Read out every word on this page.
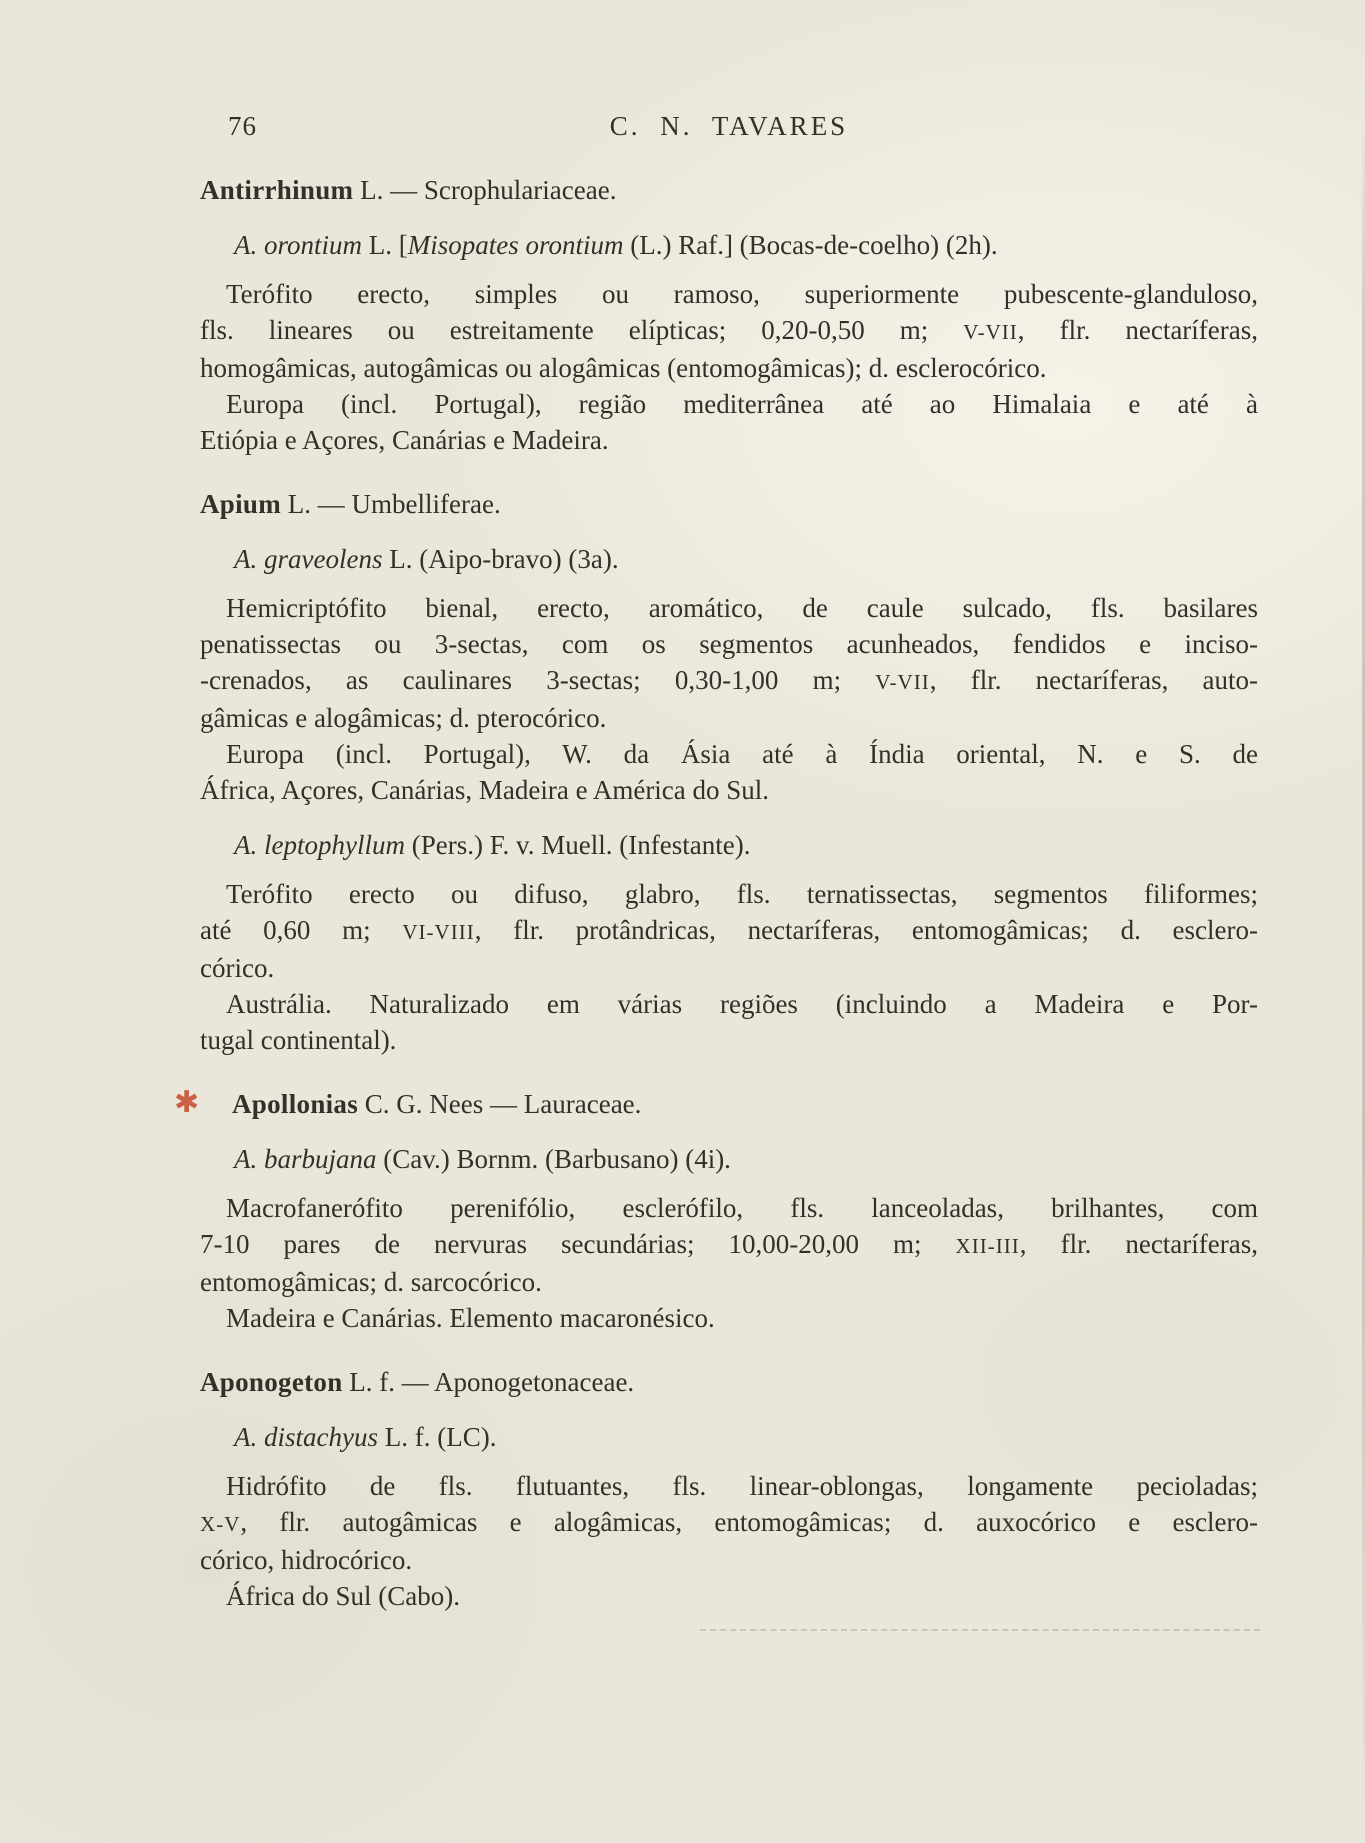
76	C. N. TAVARES
Antirrhinum L. — Scrophulariaceae.
A. orontium L. [Misopates orontium (L.) Raf.] (Bocas-de-coelho) (2h).
Terófito erecto, simples ou ramoso, superiormente pubescente-glanduloso,
fls. lineares ou estreitamente elípticas; 0,20-0,50 m; V-VII, flr. nectaríferas,
homogâmicas, autogâmicas ou alogâmicas (entomogâmicas); d. esclerocórico.
Europa (incl. Portugal), região mediterrânea até ao Himalaia e até à
Etiópia e Açores, Canárias e Madeira.
Apium L. — Umbelliferae.
A. graveolens L. (Aipo-bravo) (3a).
Hemicriptófito bienal, erecto, aromático, de caule sulcado, fls. basilares
penatissectas ou 3-sectas, com os segmentos acunheados, fendidos e inciso-
-crenados, as caulinares 3-sectas; 0,30-1,00 m; V-VII, flr. nectaríferas, auto-
gâmicas e alogâmicas; d. pterocórico.
Europa (incl. Portugal), W. da Ásia até à Índia oriental, N. e S. de
África, Açores, Canárias, Madeira e América do Sul.
A. leptophyllum (Pers.) F. v. Muell. (Infestante).
Terófito erecto ou difuso, glabro, fls. ternatissectas, segmentos filiformes;
até 0,60 m; VI-VIII, flr. protândricas, nectaríferas, entomogâmicas; d. esclero-
córico.
Austrália. Naturalizado em várias regiões (incluindo a Madeira e Por-
tugal continental).
✱ Apollonias C. G. Nees — Lauraceae.
A. barbujana (Cav.) Bornm. (Barbusano) (4i).
Macrofanerófito perenifólio, esclerófilo, fls. lanceoladas, brilhantes, com
7-10 pares de nervuras secundárias; 10,00-20,00 m; XII-III, flr. nectaríferas,
entomogâmicas; d. sarcocórico.
Madeira e Canárias. Elemento macaronésico.
Aponogeton L. f. — Aponogetonaceae.
A. distachyus L. f. (LC).
Hidrófito de fls. flutuantes, fls. linear-oblongas, longamente pecioladas;
X-V, flr. autogâmicas e alogâmicas, entomogâmicas; d. auxocórico e esclero-
córico, hidrocórico.
África do Sul (Cabo).
